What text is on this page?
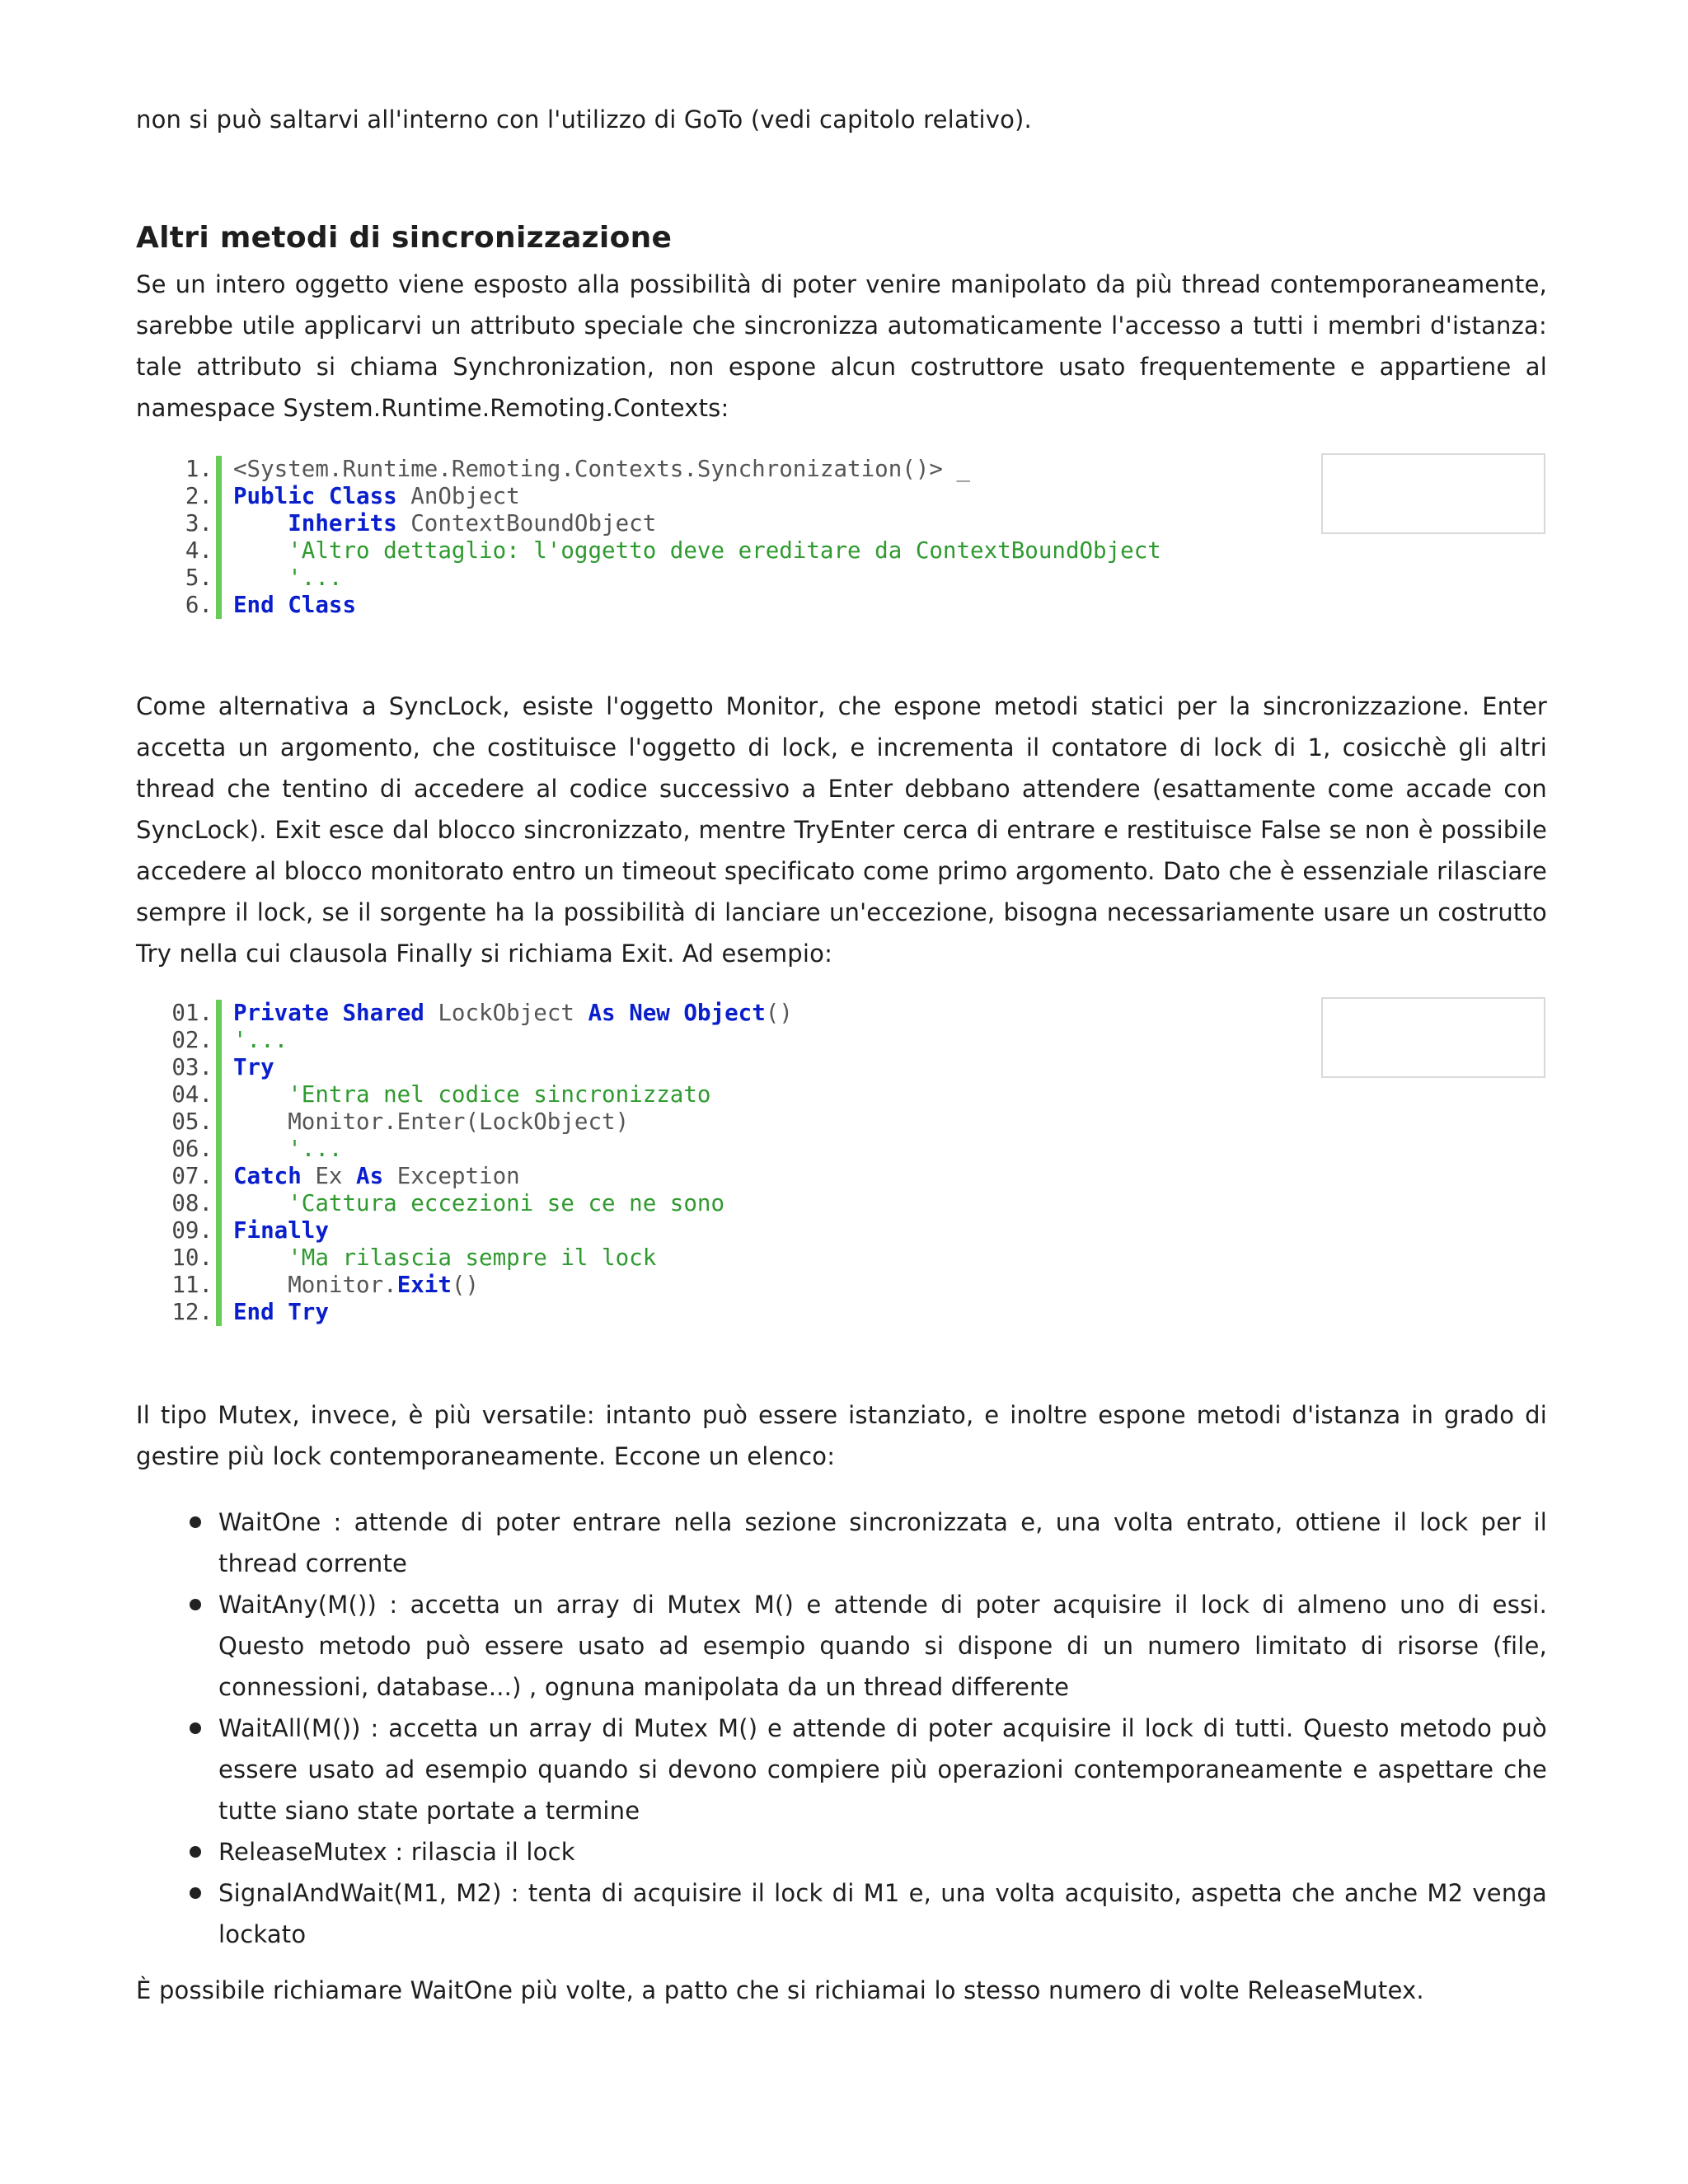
non si può saltarvi all'interno con l'utilizzo di GoTo (vedi capitolo relativo).

Altri metodi di sincronizzazione

Se un intero oggetto viene esposto alla possibilità di poter venire manipolato da più thread contemporaneamente, sarebbe utile applicarvi un attributo speciale che sincronizza automaticamente l'accesso a tutti i membri d'istanza: tale attributo si chiama Synchronization, non espone alcun costruttore usato frequentemente e appartiene al namespace System.Runtime.Remoting.Contexts:

1. <System.Runtime.Remoting.Contexts.Synchronization()> _
2. Public Class AnObject
3.	Inherits ContextBoundObject
4. 'Altro dettaglio: l'oggetto deve ereditare da ContextBoundObject
5. '...
6. End Class

Come alternativa a SyncLock, esiste l'oggetto Monitor, che espone metodi statici per la sincronizzazione. Enter accetta un argomento, che costituisce l'oggetto di lock, e incrementa il contatore di lock di 1, cosicchè gli altri thread che tentino di accedere al codice successivo a Enter debbano attendere (esattamente come accade con SyncLock). Exit esce dal blocco sincronizzato, mentre TryEnter cerca di entrare e restituisce False se non è possibile accedere al blocco monitorato entro un timeout specificato come primo argomento. Dato che è essenziale rilasciare sempre il lock, se il sorgente ha la possibilità di lanciare un'eccezione, bisogna necessariamente usare un costrutto Try nella cui clausola Finally si richiama Exit. Ad esempio:

01. Private Shared LockObject As New Object()
02. '...
03. Try
04. 'Entra nel codice sincronizzato
05. Monitor.Enter(LockObject)
06. '...
07. Catch Ex As Exception
08. 'Cattura eccezioni se ce ne sono
09. Finally
10. 'Ma rilascia sempre il lock
11. Monitor.Exit()
12. End Try

Il tipo Mutex, invece, è più versatile: intanto può essere istanziato, e inoltre espone metodi d'istanza in grado di gestire più lock contemporaneamente. Eccone un elenco:

WaitOne : attende di poter entrare nella sezione sincronizzata e, una volta entrato, ottiene il lock per il thread corrente
WaitAny(M()) : accetta un array di Mutex M() e attende di poter acquisire il lock di almeno uno di essi. Questo metodo può essere usato ad esempio quando si dispone di un numero limitato di risorse (file, connessioni, database...) , ognuna manipolata da un thread differente
WaitAll(M()) : accetta un array di Mutex M() e attende di poter acquisire il lock di tutti. Questo metodo può essere usato ad esempio quando si devono compiere più operazioni contemporaneamente e aspettare che tutte siano state portate a termine
ReleaseMutex : rilascia il lock
SignalAndWait(M1, M2) : tenta di acquisire il lock di M1 e, una volta acquisito, aspetta che anche M2 venga lockato

È possibile richiamare WaitOne più volte, a patto che si richiamai lo stesso numero di volte ReleaseMutex.
